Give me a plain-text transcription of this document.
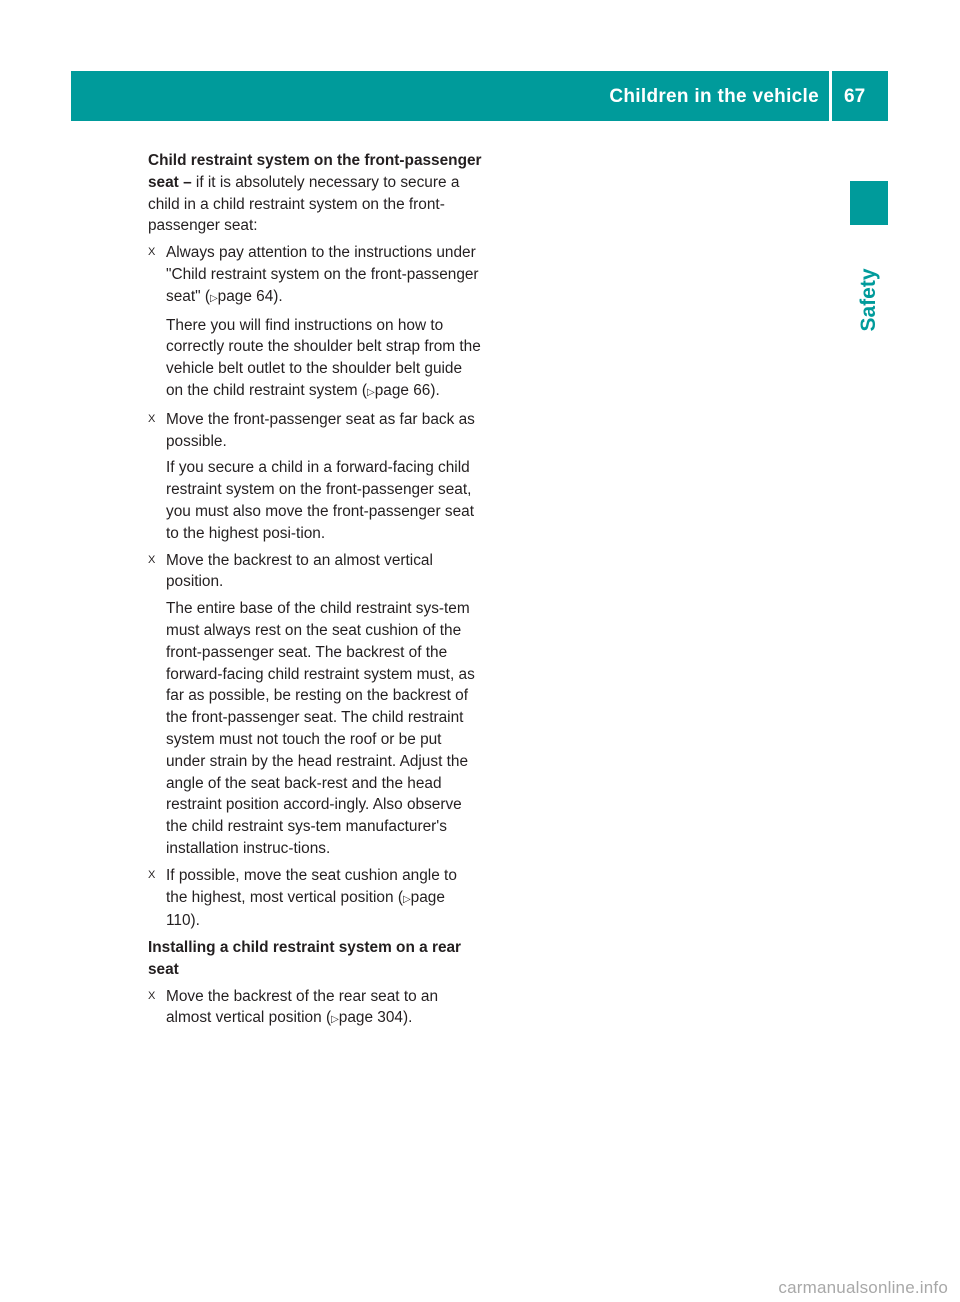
Children in the vehicle 67
Safety

Child restraint system on the front-passenger seat – if it is absolutely necessary to secure a child in a child restraint system on the front-passenger seat:

X Always pay attention to the instructions under "Child restraint system on the front-passenger seat" (▷page 64).
There you will find instructions on how to correctly route the shoulder belt strap from the vehicle belt outlet to the shoulder belt guide on the child restraint system (▷page 66).
X Move the front-passenger seat as far back as possible.
If you secure a child in a forward-facing child restraint system on the front-passenger seat, you must also move the front-passenger seat to the highest posi-tion.
X Move the backrest to an almost vertical position.
The entire base of the child restraint sys-tem must always rest on the seat cushion of the front-passenger seat. The backrest of the forward-facing child restraint system must, as far as possible, be resting on the backrest of the front-passenger seat. The child restraint system must not touch the roof or be put under strain by the head restraint. Adjust the angle of the seat back-rest and the head restraint position accord-ingly. Also observe the child restraint sys-tem manufacturer's installation instruc-tions.
X If possible, move the seat cushion angle to the highest, most vertical position (▷page 110).

Installing a child restraint system on a rear seat

X Move the backrest of the rear seat to an almost vertical position (▷page 304).
carmanualsonline.info
